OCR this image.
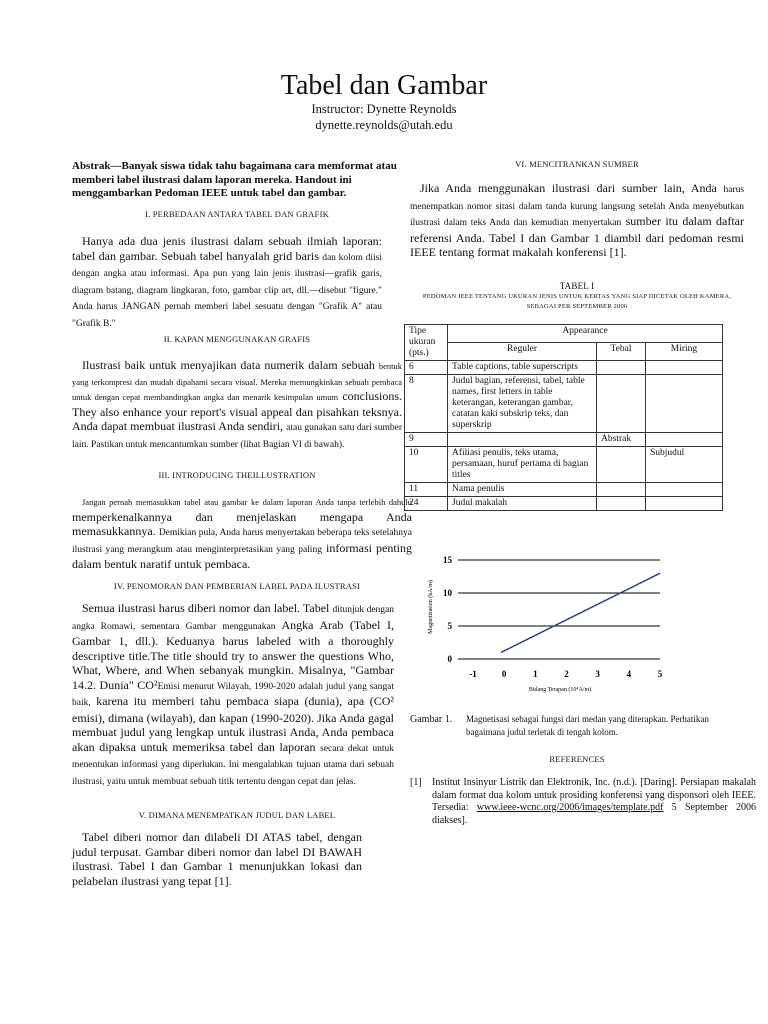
Tabel dan Gambar
Instructor: Dynette Reynolds
dynette.reynolds@utah.edu
Abstrak—Banyak siswa tidak tahu bagaimana cara memformat atau memberi label ilustrasi dalam laporan mereka. Handout ini menggambarkan Pedoman IEEE untuk tabel dan gambar.
I. PERBEDAAN ANTARA TABEL DAN GRAFIK
Hanya ada dua jenis ilustrasi dalam sebuah ilmiah laporan: tabel dan gambar. Sebuah tabel hanyalah grid baris dan kolom diisi dengan angka atau informasi. Apa pun yang lain jenis ilustrasi—grafik garis, diagram batang, diagram lingkaran, foto, gambar clip art, dll.—disebut "figure." Anda harus JANGAN pernah memberi label sesuatu dengan "Grafik A" atau "Grafik B."
II. KAPAN MENGGUNAKAN GRAFIS
Ilustrasi baik untuk menyajikan data numerik dalam sebuah bentuk yang terkompresi dan mudah dipahami secara visual. Mereka memungkinkan sebuah pembaca untuk dengan cepat membandingkan angka dan menarik kesimpulan umum conclusions. They also enhance your report's visual appeal dan pisahkan teksnya. Anda dapat membuat ilustrasi Anda sendiri, atau gunakan satu dari sumber lain. Pastikan untuk mencantumkan sumber (lihat Bagian VI di bawah).
III. INTRODUCING THEILLUSTRATION
Jangan pernah memasukkan tabel atau gambar ke dalam laporan Anda tanpa terlebih dahulu memperkenalkannya dan menjelaskan mengapa Anda memasukkannya. Demikian pula, Anda harus menyertakan beberapa teks setelahnya ilustrasi yang merangkum atau menginterpretasikan yang paling informasi penting dalam bentuk naratif untuk pembaca.
IV. PENOMORAN DAN PEMBERIAN LABEL PADA ILUSTRASI
Semua ilustrasi harus diberi nomor dan label. Tabel ditunjuk dengan angka Romawi, sementara Gambar menggunakan Angka Arab (Tabel I, Gambar 1, dll.). Keduanya harus labeled with a thoroughly descriptive title.The title should try to answer the questions Who, What, Where, and When sebanyak mungkin. Misalnya, "Gambar 14.2. Dunia" CO²Emisi menurut Wilayah, 1990-2020 adalah judul yang sangat baik, karena itu memberi tahu pembaca siapa (dunia), apa (CO² emisi), dimana (wilayah), dan kapan (1990-2020). Jika Anda gagal membuat judul yang lengkap untuk ilustrasi Anda, Anda pembaca akan dipaksa untuk memeriksa tabel dan laporan secara dekat untuk menentukan informasi yang diperlukan. Ini mengalahkan tujuan utama dari sebuah ilustrasi, yaitu untuk membuat sebuah titik tertentu dengan cepat dan jelas.
V. DIMANA MENEMPATKAN JUDUL DAN LABEL
Tabel diberi nomor dan dilabeli DI ATAS tabel, dengan judul terpusat. Gambar diberi nomor dan label DI BAWAH ilustrasi. Tabel I dan Gambar 1 menunjukkan lokasi dan pelabelan ilustrasi yang tepat [1].
VI. MENCITRANKAN SUMBER
Jika Anda menggunakan ilustrasi dari sumber lain, Anda harus menempatkan nomor sitasi dalam tanda kurung langsung setelah Anda menyebutkan ilustrasi dalam teks Anda dan kemudian menyertakan sumber itu dalam daftar referensi Anda. Tabel I dan Gambar 1 diambil dari pedoman resmi IEEE tentang format makalah konferensi [1].
TABEL I
PEDOMAN IEEE TENTANG UKURAN JENIS UNTUK KERTAS YANG SIAP DICETAK OLEH KAMERA, SEBAGAI PER SEPTEMBER 2006
Tipe ukuran (pts.)	Appearance		
	Reguler	Tebal	Miring
6	Table captions, table superscripts		
8	Judul bagian, referensi, tabel, table names, first letters in table keterangan, keterangan gambar, catatan kaki subskrip teks, dan superskrip		
9		Abstrak	
10	Afiliasi penulis, teks utama, persamaan, huruf pertama di bagian titles		Subjudul
11	Nama penulis		
24	Judul makalah		
0
5
10
15
-1	0	1	2	3	4	5
Magnetization (kA/m)
Bidang Terapan (10⁴A/m)
Gambar 1. Magnetisasi sebagai fungsi dari medan yang diterapkan. Perhatikan bagaimana judul terletak di tengah kolom.
REFERENCES
[1] Institut Insinyur Listrik dan Elektronik, Inc. (n.d.). [Daring]. Persiapan makalah dalam format dua kolom untuk prosiding konferensi yang disponsori oleh IEEE. Tersedia: www.ieee-wcnc.org/2006/images/template.pdf 5 September 2006 diakses].
